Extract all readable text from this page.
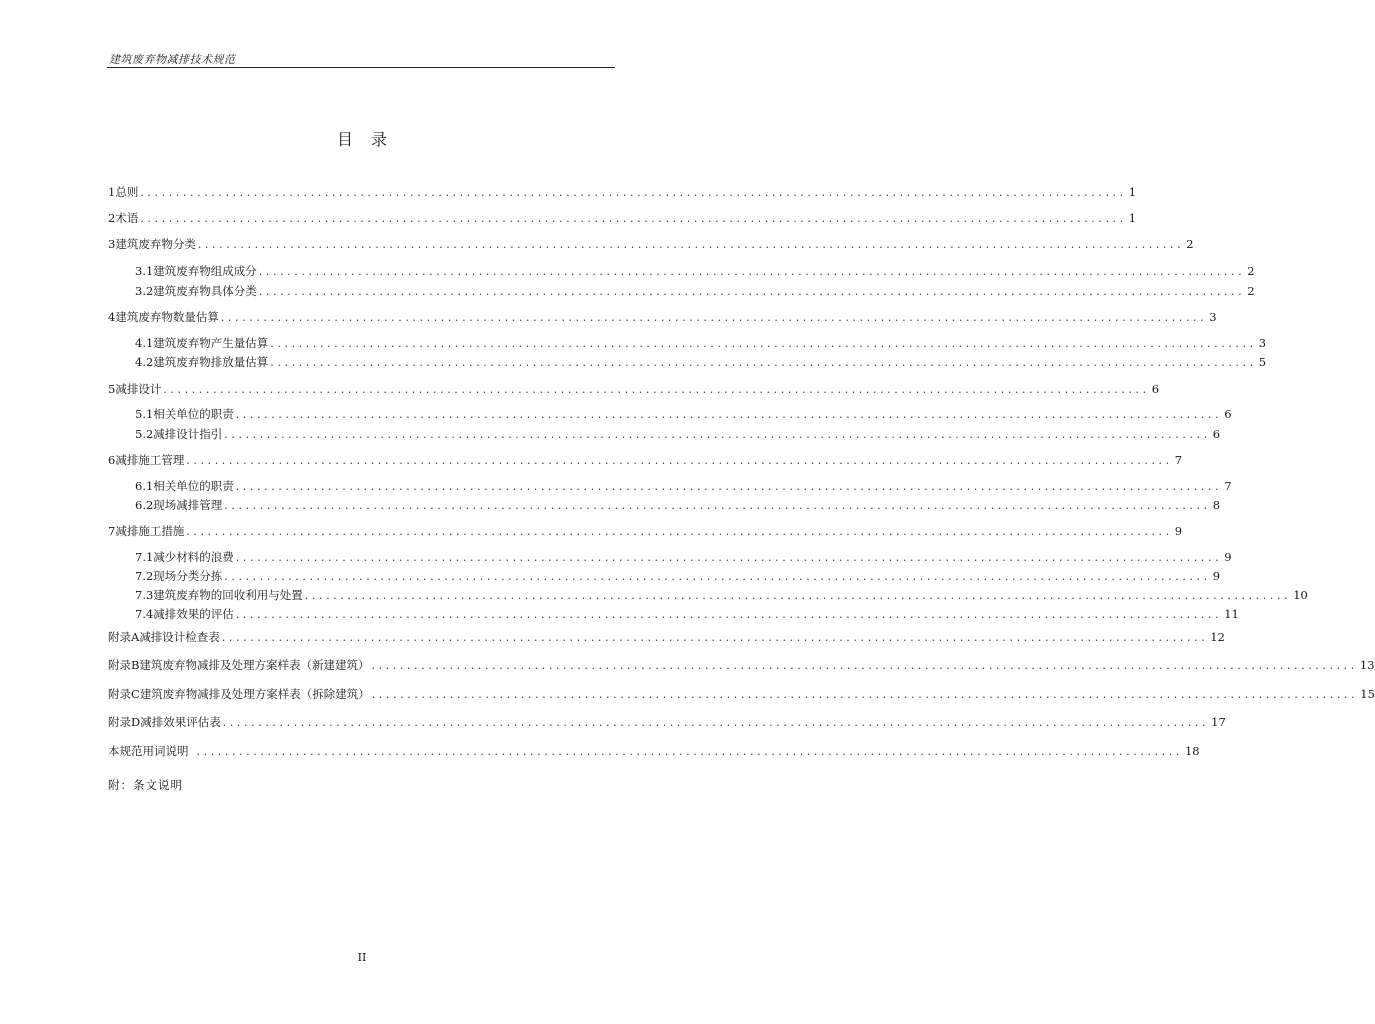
建筑废弃物减排技术规范
目录
1 总则 ........................................................................................................................................... 1
2 术语 ........................................................................................................................................... 1
3 建筑废弃物分类 ........................................................................................................................................... 2
3.1 建筑废弃物组成成分 ........................................................................................................................................... 2
3.2 建筑废弃物具体分类 ........................................................................................................................................... 2
4 建筑废弃物数量估算 ........................................................................................................................................... 3
4.1 建筑废弃物产生量估算 ........................................................................................................................................... 3
4.2 建筑废弃物排放量估算 ........................................................................................................................................... 5
5 减排设计 ........................................................................................................................................... 6
5.1 相关单位的职责 ........................................................................................................................................... 6
5.2 减排设计指引 ........................................................................................................................................... 6
6 减排施工管理 ........................................................................................................................................... 7
6.1 相关单位的职责 ........................................................................................................................................... 7
6.2 现场减排管理 ........................................................................................................................................... 8
7 减排施工措施 ........................................................................................................................................... 9
7.1 减少材料的浪费 ........................................................................................................................................... 9
7.2 现场分类分拣 ........................................................................................................................................... 9
7.3 建筑废弃物的回收利用与处置 ........................................................................................................................................... 10
7.4 减排效果的评估 ........................................................................................................................................... 11
附录A 减排设计检查表 ........................................................................................................................................... 12
附录B 建筑废弃物减排及处理方案样表（新建建筑） ........................................................................................................................................... 13
附录C 建筑废弃物减排及处理方案样表（拆除建筑） ........................................................................................................................................... 15
附录D 减排效果评估表 ........................................................................................................................................... 17
本规范用词说明 ........................................................................................................................................... 18
附：条文说明
II
